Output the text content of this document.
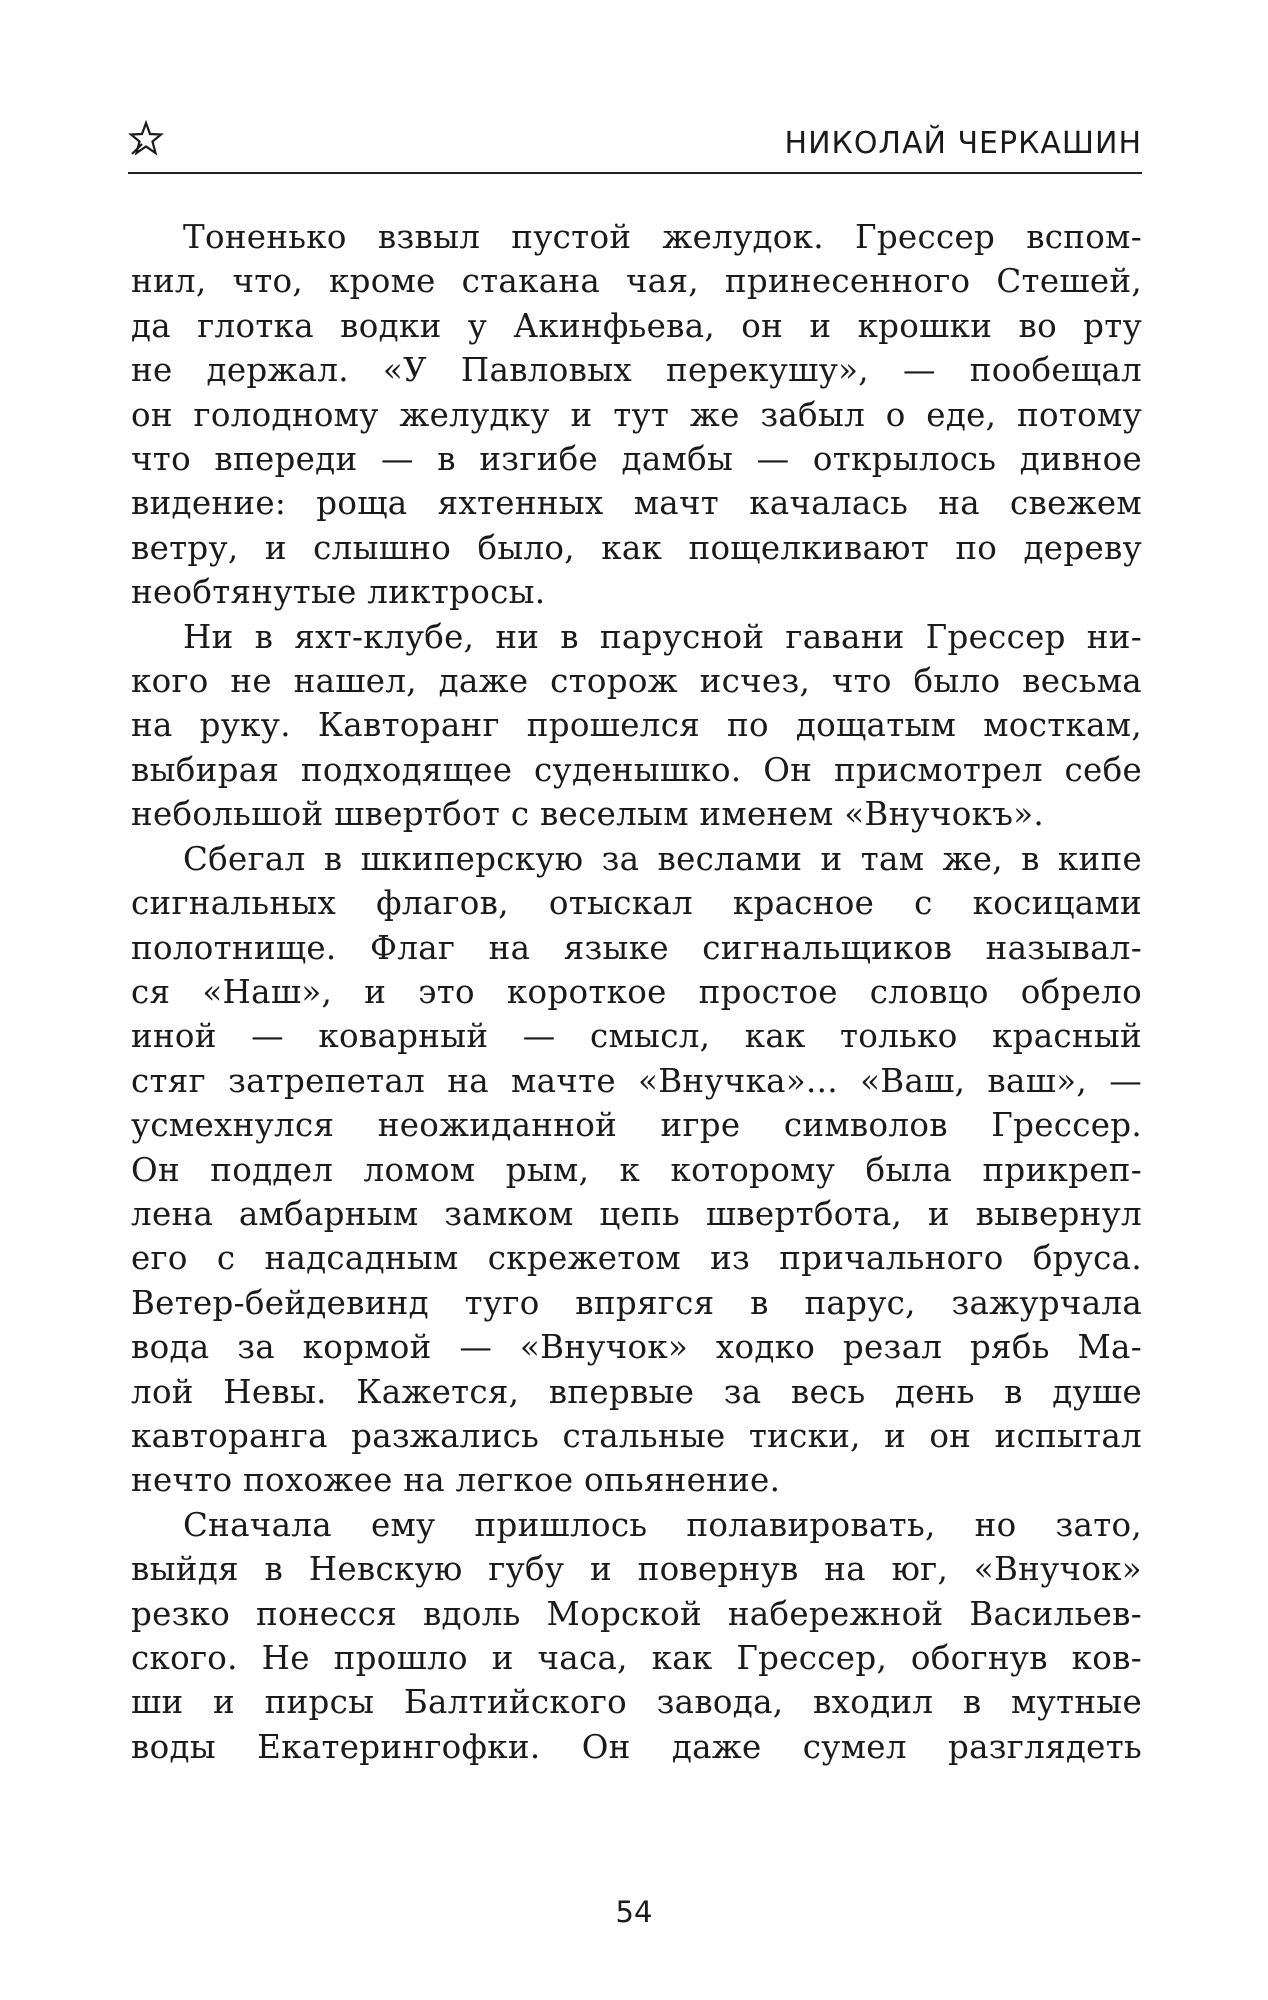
НИКОЛАЙ ЧЕРКАШИН

Тоненько взвыл пустой желудок. Грессер вспом-
нил, что, кроме стакана чая, принесенного Стешей,
да глотка водки у Акинфьева, он и крошки во рту
не держал. «У Павловых перекушу», — пообещал
он голодному желудку и тут же забыл о еде, потому
что впереди — в изгибе дамбы — открылось дивное
видение: роща яхтенных мачт качалась на свежем
ветру, и слышно было, как пощелкивают по дереву
необтянутые ликтросы.

Ни в яхт-клубе, ни в парусной гавани Грессер ни-
кого не нашел, даже сторож исчез, что было весьма
на руку. Кавторанг прошелся по дощатым мосткам,
выбирая подходящее суденышко. Он присмотрел себе
небольшой швертбот с веселым именем «Внучокъ».

Сбегал в шкиперскую за веслами и там же, в кипе
сигнальных флагов, отыскал красное с косицами
полотнище. Флаг на языке сигнальщиков называл-
ся «Наш», и это короткое простое словцо обрело
иной — коварный — смысл, как только красный
стяг затрепетал на мачте «Внучка»... «Ваш, ваш», —
усмехнулся неожиданной игре символов Грессер.
Он поддел ломом рым, к которому была прикреп-
лена амбарным замком цепь швертбота, и вывернул
его с надсадным скрежетом из причального бруса.
Ветер-бейдевинд туго впрягся в парус, зажурчала
вода за кормой — «Внучок» ходко резал рябь Ма-
лой Невы. Кажется, впервые за весь день в душе
кавторанга разжались стальные тиски, и он испытал
нечто похожее на легкое опьянение.

Сначала ему пришлось полавировать, но зато,
выйдя в Невскую губу и повернув на юг, «Внучок»
резко понесся вдоль Морской набережной Васильев-
ского. Не прошло и часа, как Грессер, обогнув ков-
ши и пирсы Балтийского завода, входил в мутные
воды Екатерингофки. Он даже сумел разглядеть

54
